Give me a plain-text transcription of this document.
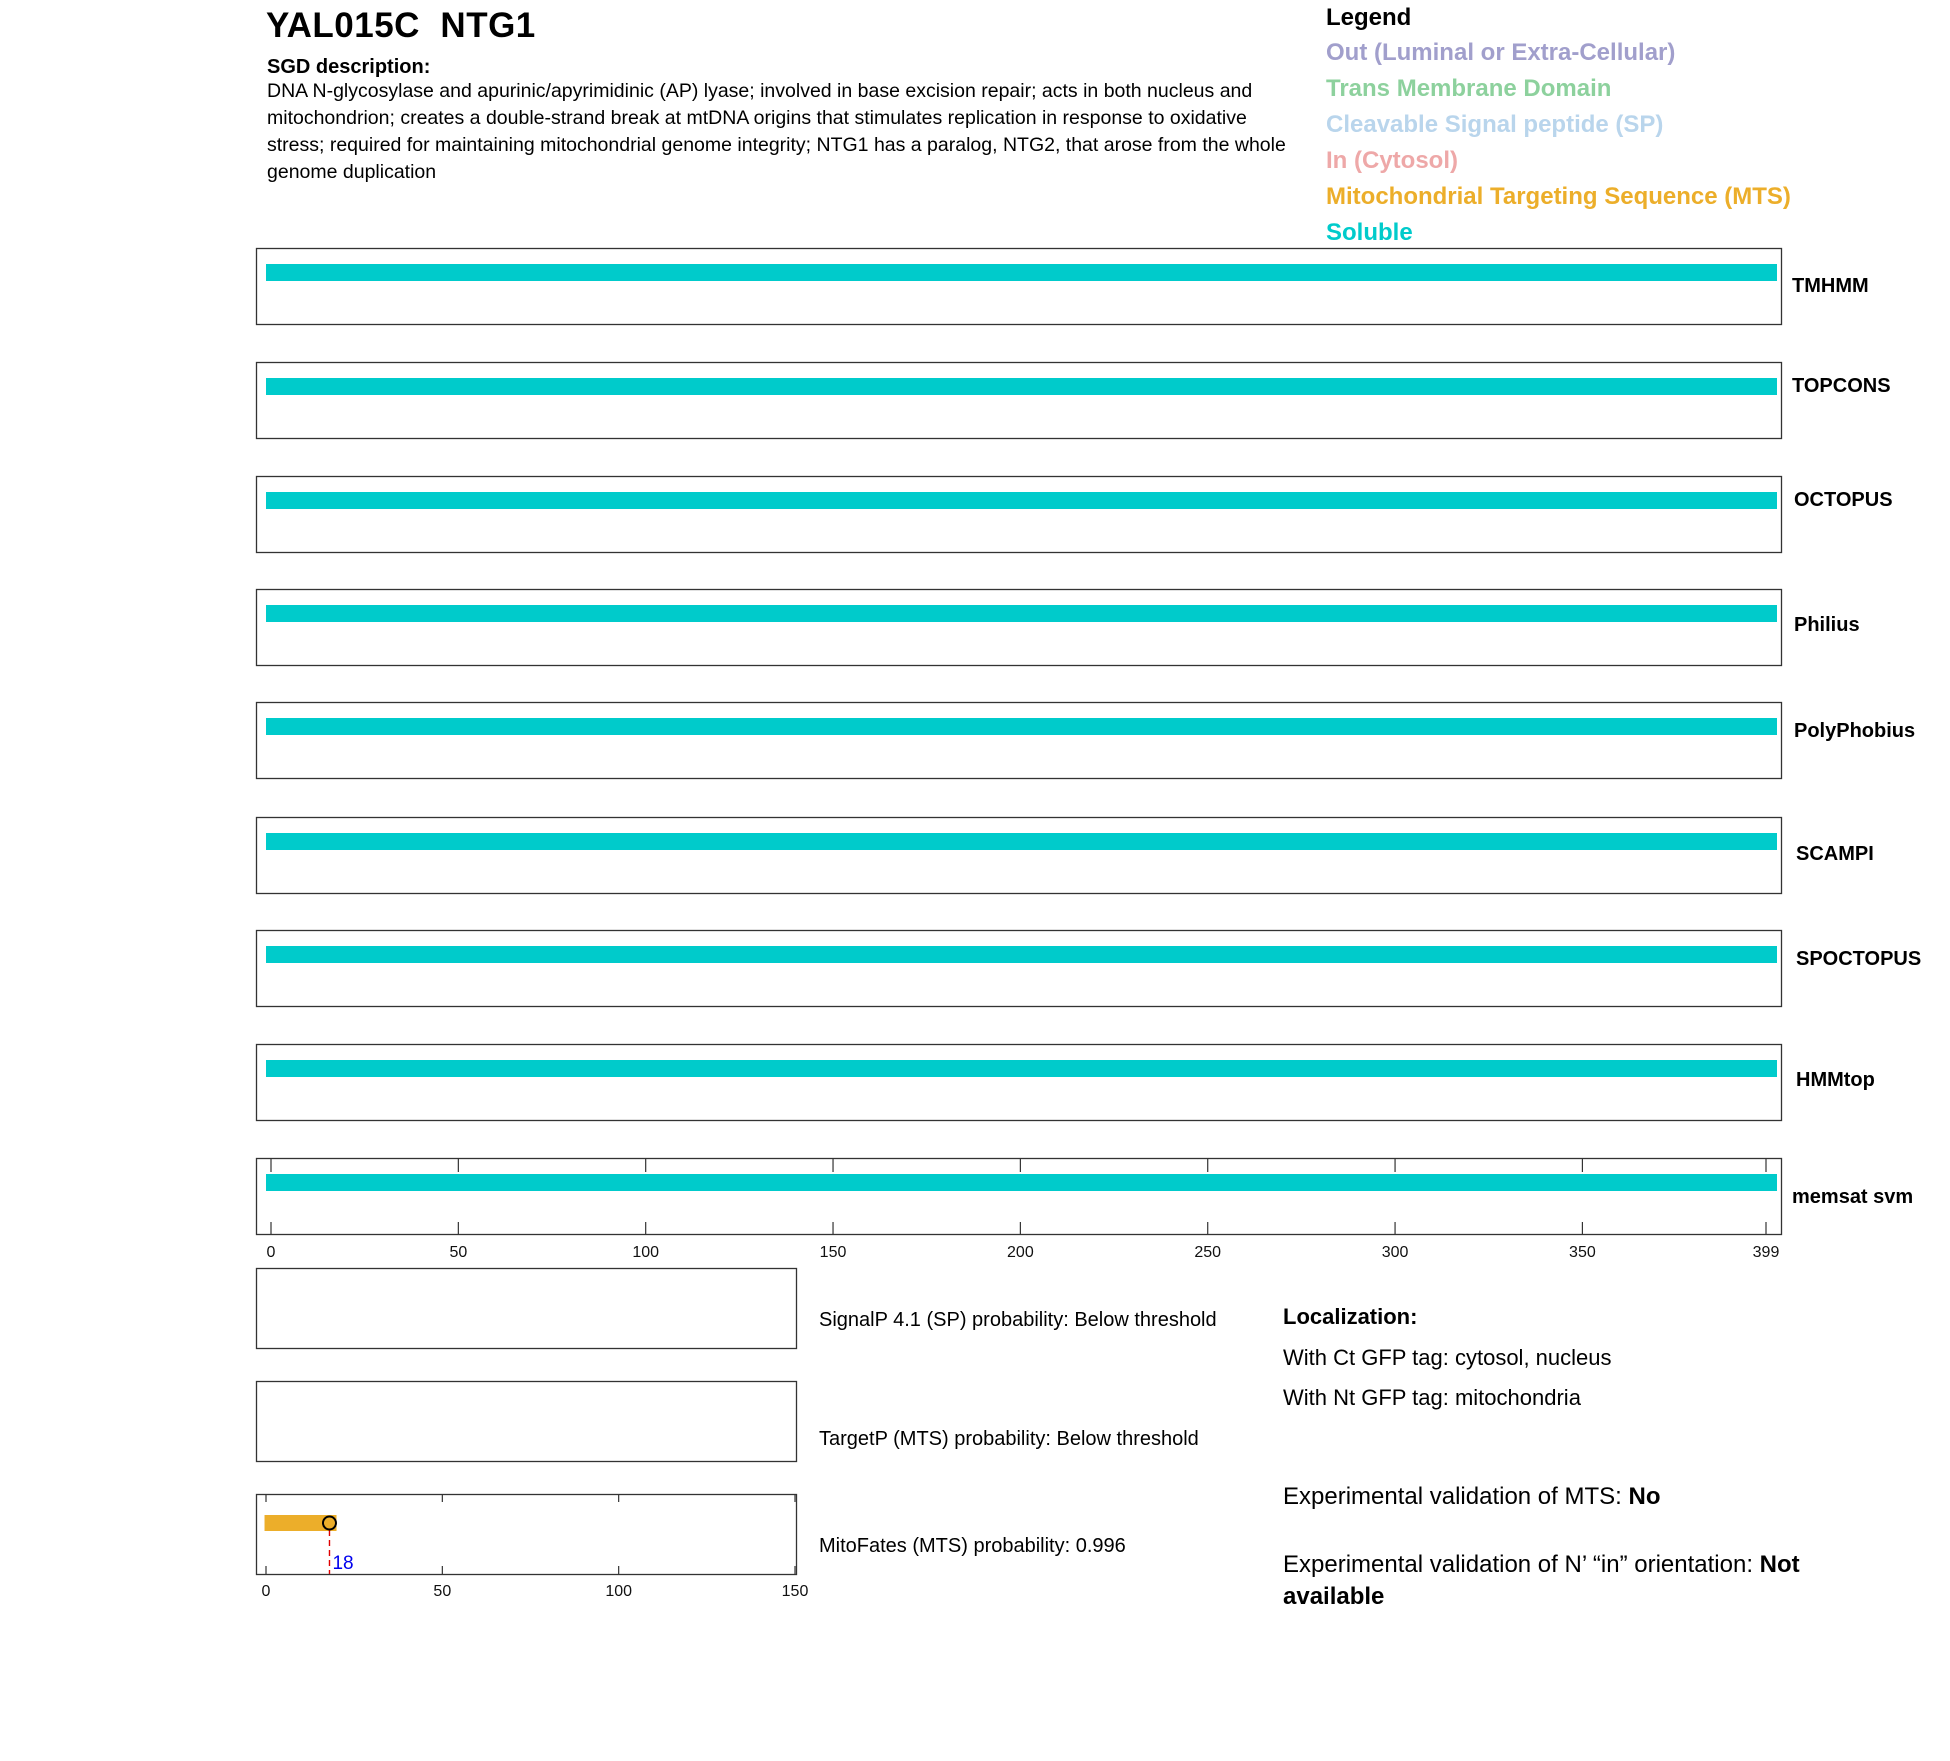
YAL015C NTG1
SGD description:
DNA N-glycosylase and apurinic/apyrimidinic (AP) lyase; involved in base excision repair; acts in both nucleus and mitochondrion; creates a double-strand break at mtDNA origins that stimulates replication in response to oxidative stress; required for maintaining mitochondrial genome integrity; NTG1 has a paralog, NTG2, that arose from the whole genome duplication
Legend
Out (Luminal or Extra-Cellular)
Trans Membrane Domain
Cleavable Signal peptide (SP)
In (Cytosol)
Mitochondrial Targeting Sequence (MTS)
Soluble
TMHMM
TOPCONS
OCTOPUS
Philius
PolyPhobius
SCAMPI
SPOCTOPUS
HMMtop
memsat svm
0	50	100	150	200	250	300	350	399
18
0	50	100	150
SignalP 4.1 (SP) probability: Below threshold
TargetP (MTS) probability: Below threshold
MitoFates (MTS) probability: 0.996
Localization:
With Ct GFP tag: cytosol, nucleus
With Nt GFP tag: mitochondria
Experimental validation of MTS: No
Experimental validation of N’ “in” orientation: Not available
